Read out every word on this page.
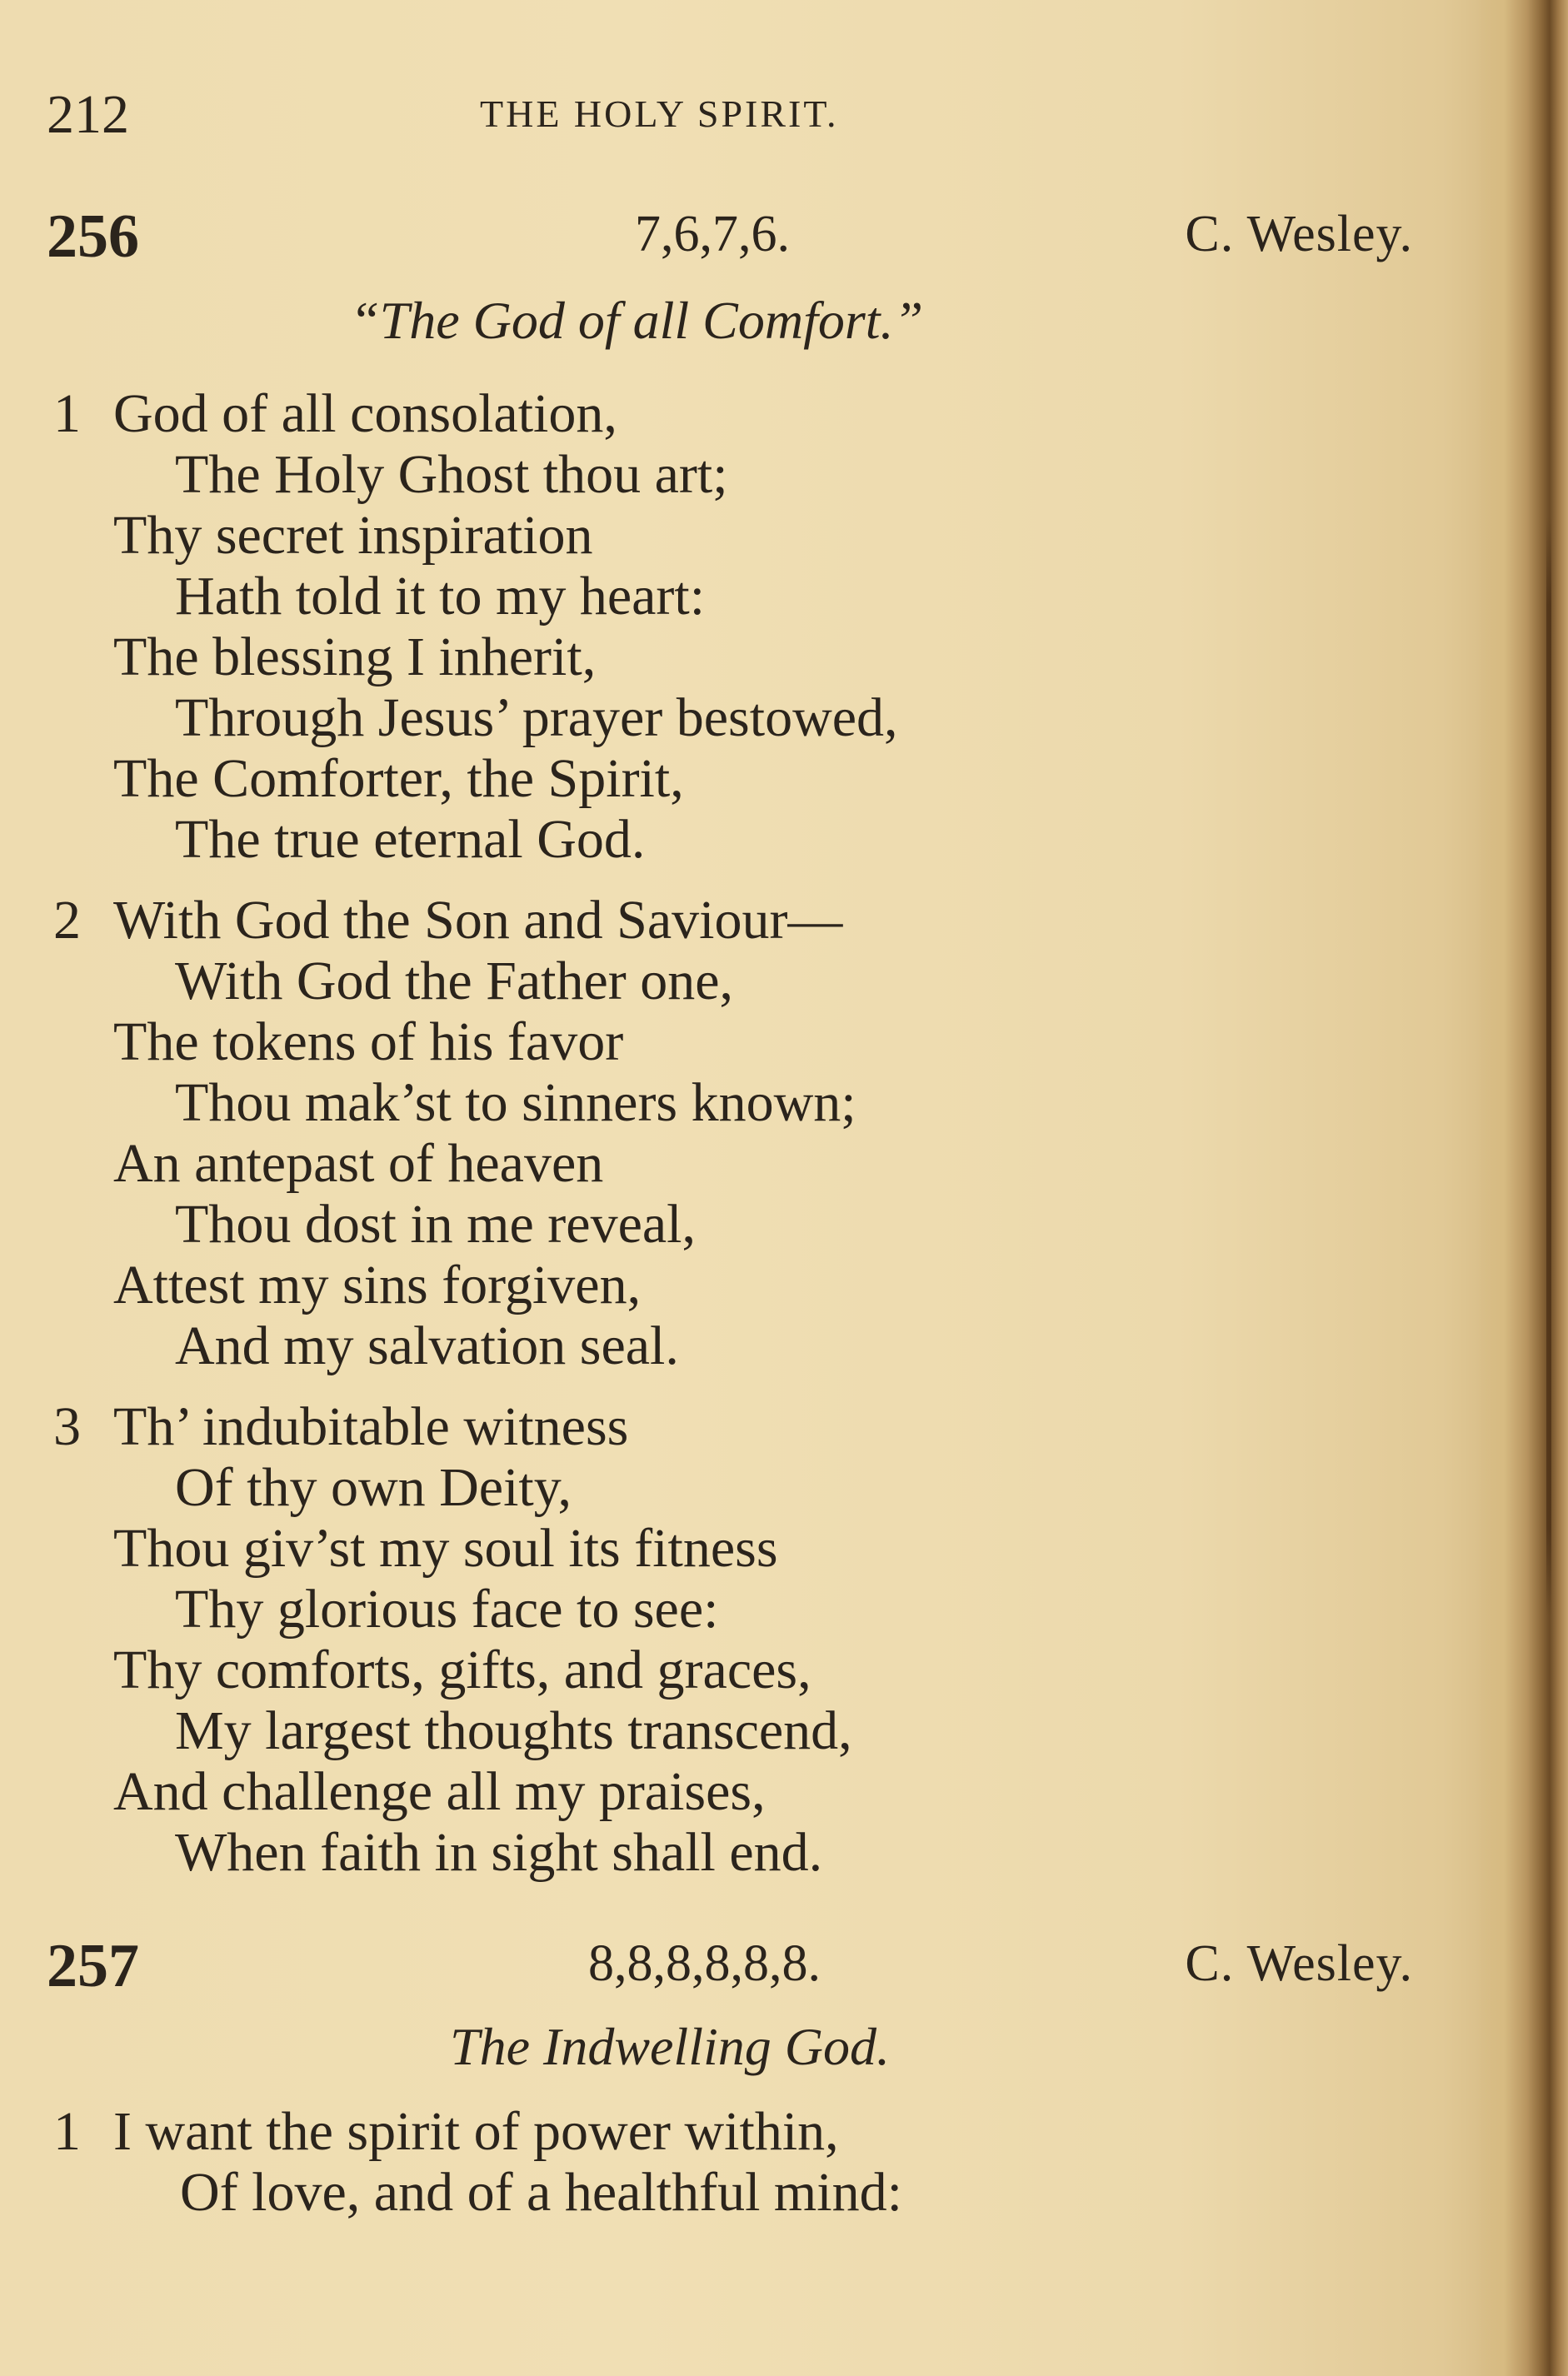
212	THE HOLY SPIRIT.
256	7,6,7,6.	C. Wesley.
“The God of all Comfort.”
1 God of all consolation,
The Holy Ghost thou art;
Thy secret inspiration
Hath told it to my heart:
The blessing I inherit,
Through Jesus’ prayer bestowed,
The Comforter, the Spirit,
The true eternal God.
2 With God the Son and Saviour—
With God the Father one,
The tokens of his favor
Thou mak’st to sinners known;
An antepast of heaven
Thou dost in me reveal,
Attest my sins forgiven,
And my salvation seal.
3 Th’ indubitable witness
Of thy own Deity,
Thou giv’st my soul its fitness
Thy glorious face to see:
Thy comforts, gifts, and graces,
My largest thoughts transcend,
And challenge all my praises,
When faith in sight shall end.
257	8,8,8,8,8,8.	C. Wesley.
The Indwelling God.
1 I want the spirit of power within,
Of love, and of a healthful mind:
